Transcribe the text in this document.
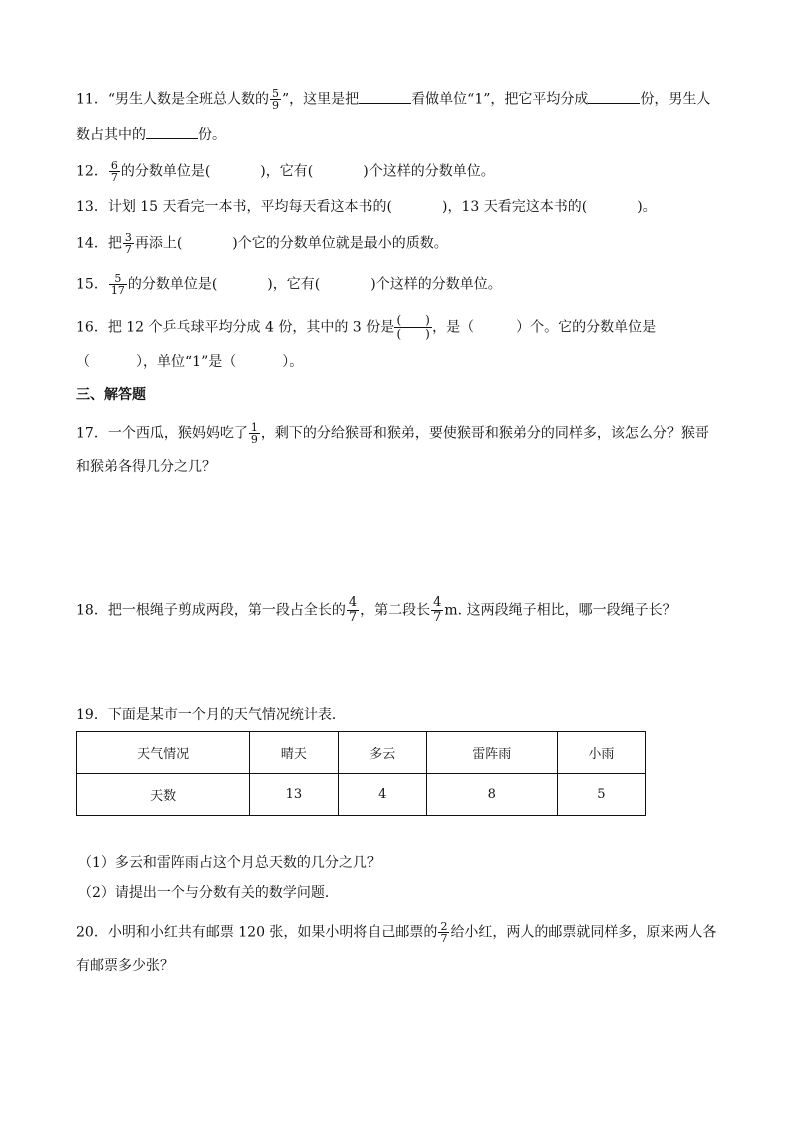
11．“男生人数是全班总人数的 $\frac{5}{9}$ ”，这里是把	看做单位“1”，把它平均分成	份，男生人
数占其中的	份。
12． $\frac{6}{7}$ 的分数单位是(	)，它有(	)个这样的分数单位。
13．计划 15 天看完一本书，平均每天看这本书的(	)，13 天看完这本书的(	)。
14．把 $\frac{3}{7}$ 再添上(	)个它的分数单位就是最小的质数。
15． $\frac{5}{17}$ 的分数单位是(	)，它有(	)个这样的分数单位。
16．把 12 个乒乓球平均分成 4 份，其中的 3 份是 (　　)
(　　) ，是（	）个。它的分数单位是
（	），单位“1”是（	）。
三、解答题
17．一个西瓜，猴妈妈吃了 $\frac{1}{9}$ ，剩下的分给猴哥和猴弟，要使猴哥和猴弟分的同样多，该怎么分？猴哥
和猴弟各得几分之几？
18．把一根绳子剪成两段，第一段占全长的 $\frac{4}{7}$ ，第二段长 $\frac{4}{7} m$. 这两段绳子相比，哪一段绳子长？
19．下面是某市一个月的天气情况统计表．
天气情况	晴天	多云	雷阵雨	小雨
天数	13	4	8	5
（1）多云和雷阵雨占这个月总天数的几分之几？
（2）请提出一个与分数有关的数学问题．
20．小明和小红共有邮票 120 张，如果小明将自己邮票的 $\frac{2}{7}$ 给小红，两人的邮票就同样多，原来两人各
有邮票多少张？
